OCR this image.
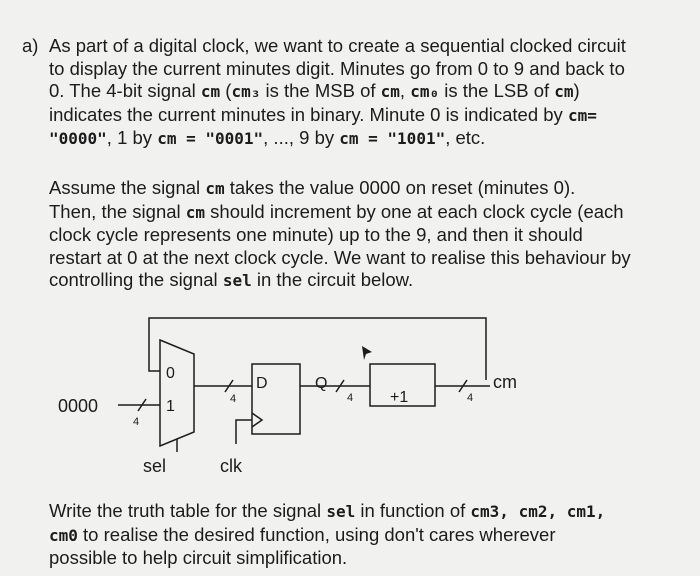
a) As part of a digital clock, we want to create a sequential clocked circuit
to display the current minutes digit. Minutes go from 0 to 9 and back to
0. The 4-bit signal cm (cm₃ is the MSB of cm, cm₀ is the LSB of cm)
indicates the current minutes in binary. Minute 0 is indicated by cm=
"0000", 1 by cm = "0001", ..., 9 by cm = "1001", etc.
Assume the signal cm takes the value 0000 on reset (minutes 0).
Then, the signal cm should increment by one at each clock cycle (each
clock cycle represents one minute) up to the 9, and then it should
restart at 0 at the next clock cycle. We want to realise this behaviour by
controlling the signal sel in the circuit below.
0
1
0000
4
4
D	Q
4 +1	4
cm
sel	clk
Write the truth table for the signal sel in function of cm3, cm2, cm1,
cm0 to realise the desired function, using don't cares wherever
possible to help circuit simplification.
